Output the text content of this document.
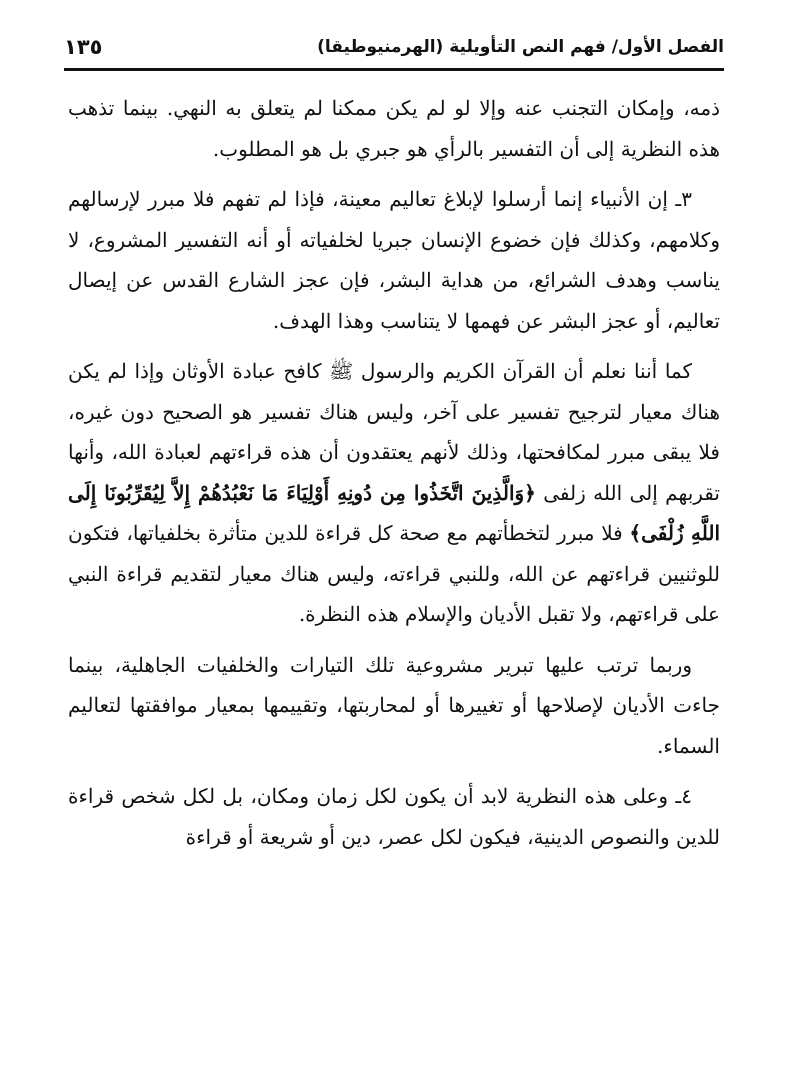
الفصل الأول/ فهم النص التأويلية (الهرمنيوطيقا)
١٣٥

ذمه، وإمكان التجنب عنه وإلا لو لم يكن ممكنا لم يتعلق به النهي. بينما تذهب هذه النظرية إلى أن التفسير بالرأي هو جبري بل هو المطلوب.

٣ـ إن الأنبياء إنما أرسلوا لإبلاغ تعاليم معينة، فإذا لم تفهم فلا مبرر لإرسالهم وكلامهم، وكذلك فإن خضوع الإنسان جبريا لخلفياته أو أنه التفسير المشروع، لا يناسب وهدف الشرائع، من هداية البشر، فإن عجز الشارع القدس عن إيصال تعاليم، أو عجز البشر عن فهمها لا يتناسب وهذا الهدف.

كما أننا نعلم أن القرآن الكريم والرسول ﷺ كافح عبادة الأوثان وإذا لم يكن هناك معيار لترجيح تفسير على آخر، وليس هناك تفسير هو الصحيح دون غيره، فلا يبقى مبرر لمكافحتها، وذلك لأنهم يعتقدون أن هذه قراءتهم لعبادة الله، وأنها تقربهم إلى الله زلفى ﴿وَالَّذِينَ اتَّخَذُوا مِن دُونِهِ أَوْلِيَاءَ مَا نَعْبُدُهُمْ إِلاَّ لِيُقَرِّبُونَا إِلَى اللَّهِ زُلْفَى﴾ فلا مبرر لتخطأتهم مع صحة كل قراءة للدين متأثرة بخلفياتها، فتكون للوثنيين قراءتهم عن الله، وللنبي قراءته، وليس هناك معيار لتقديم قراءة النبي على قراءتهم، ولا تقبل الأديان والإسلام هذه النظرة.

وربما ترتب عليها تبرير مشروعية تلك التيارات والخلفيات الجاهلية، بينما جاءت الأديان لإصلاحها أو تغييرها أو لمحاربتها، وتقييمها بمعيار موافقتها لتعاليم السماء.

٤ـ وعلى هذه النظرية لابد أن يكون لكل زمان ومكان، بل لكل شخص قراءة للدين والنصوص الدينية، فيكون لكل عصر، دين أو شريعة أو قراءة
